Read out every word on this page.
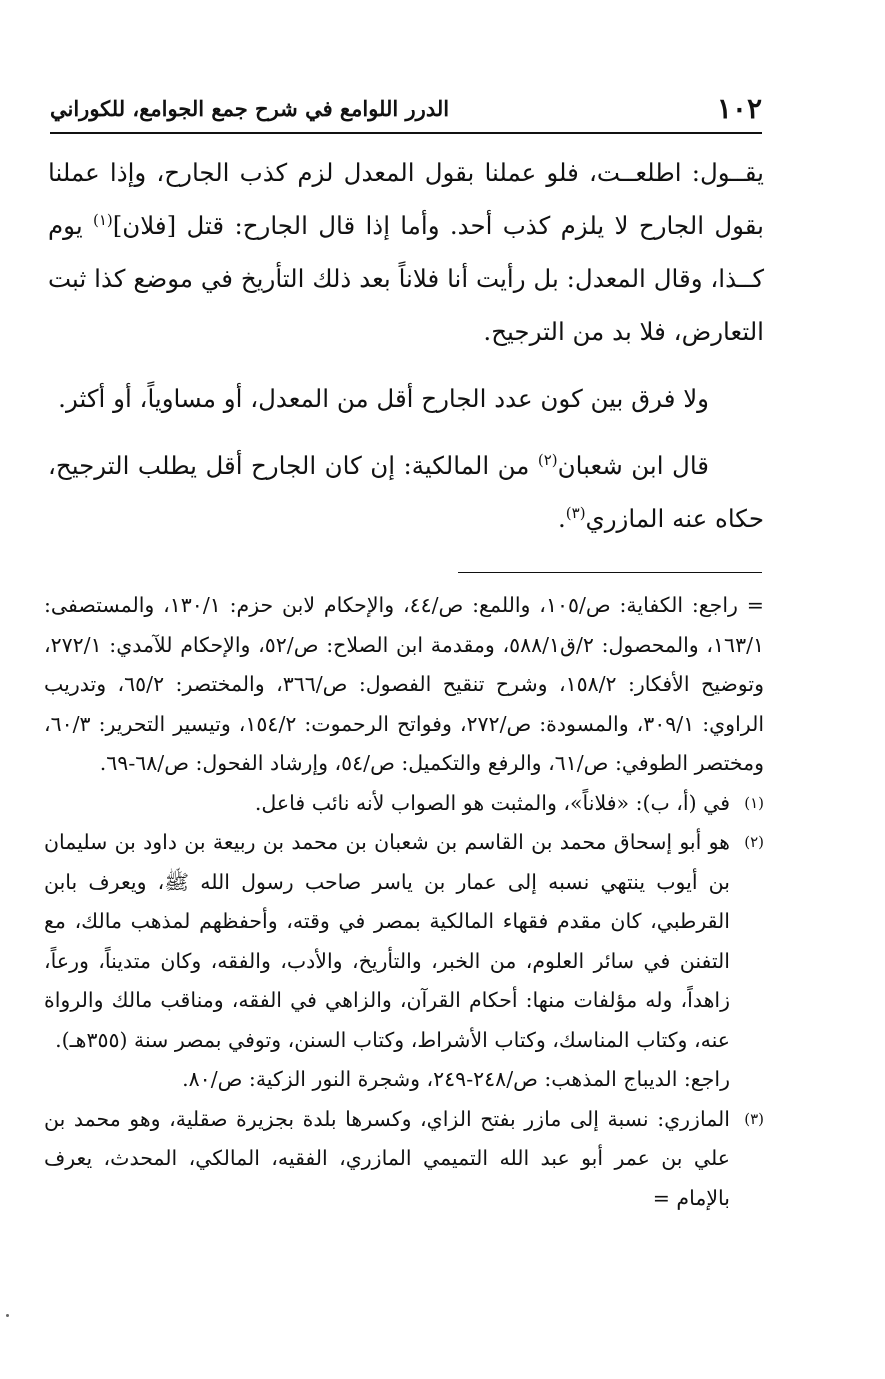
١٠٢
الدرر اللوامع في شرح جمع الجوامع، للكوراني

يقــول: اطلعــت، فلو عملنا بقول المعدل لزم كذب الجارح، وإذا عملنا بقول الجارح لا يلزم كذب أحد. وأما إذا قال الجارح: قتل [فلان]$^{(١)}$ يوم كــذا، وقال المعدل: بل رأيت أنا فلاناً بعد ذلك التأريخ في موضع كذا ثبت التعارض، فلا بد من الترجيح.

ولا فرق بين كون عدد الجارح أقل من المعدل، أو مساوياً، أو أكثر.

قال ابن شعبان$^{(٢)}$ من المالكية: إن كان الجارح أقل يطلب الترجيح، حكاه عنه المازري$^{(٣)}$.

= راجع: الكفاية: ص/١٠٥، واللمع: ص/٤٤، والإحكام لابن حزم: ١٣٠/١، والمستصفى: ١٦٣/١، والمحصول: ٢/ق٥٨٨/١، ومقدمة ابن الصلاح: ص/٥٢، والإحكام للآمدي: ٢٧٢/١، وتوضيح الأفكار: ١٥٨/٢، وشرح تنقيح الفصول: ص/٣٦٦، والمختصر: ٦٥/٢، وتدريب الراوي: ٣٠٩/١، والمسودة: ص/٢٧٢، وفواتح الرحموت: ١٥٤/٢، وتيسير التحرير: ٦٠/٣، ومختصر الطوفي: ص/٦١، والرفع والتكميل: ص/٥٤، وإرشاد الفحول: ص/٦٨-٦٩.

(١)
في (أ، ب): «فلاناً»، والمثبت هو الصواب لأنه نائب فاعل.

(٢)
هو أبو إسحاق محمد بن القاسم بن شعبان بن محمد بن ربيعة بن داود بن سليمان بن أيوب ينتهي نسبه إلى عمار بن ياسر صاحب رسول الله ﷺ، ويعرف بابن القرطبي، كان مقدم فقهاء المالكية بمصر في وقته، وأحفظهم لمذهب مالك، مع التفنن في سائر العلوم، من الخبر، والتأريخ، والأدب، والفقه، وكان متديناً، ورعاً، زاهداً، وله مؤلفات منها: أحكام القرآن، والزاهي في الفقه، ومناقب مالك والرواة عنه، وكتاب المناسك، وكتاب الأشراط، وكتاب السنن، وتوفي بمصر سنة (٣٥٥هـ).

راجع: الديباج المذهب: ص/٢٤٨-٢٤٩، وشجرة النور الزكية: ص/٨٠.

(٣)
المازري: نسبة إلى مازر بفتح الزاي، وكسرها بلدة بجزيرة صقلية، وهو محمد بن علي بن عمر أبو عبد الله التميمي المازري، الفقيه، المالكي، المحدث، يعرف بالإمام =
